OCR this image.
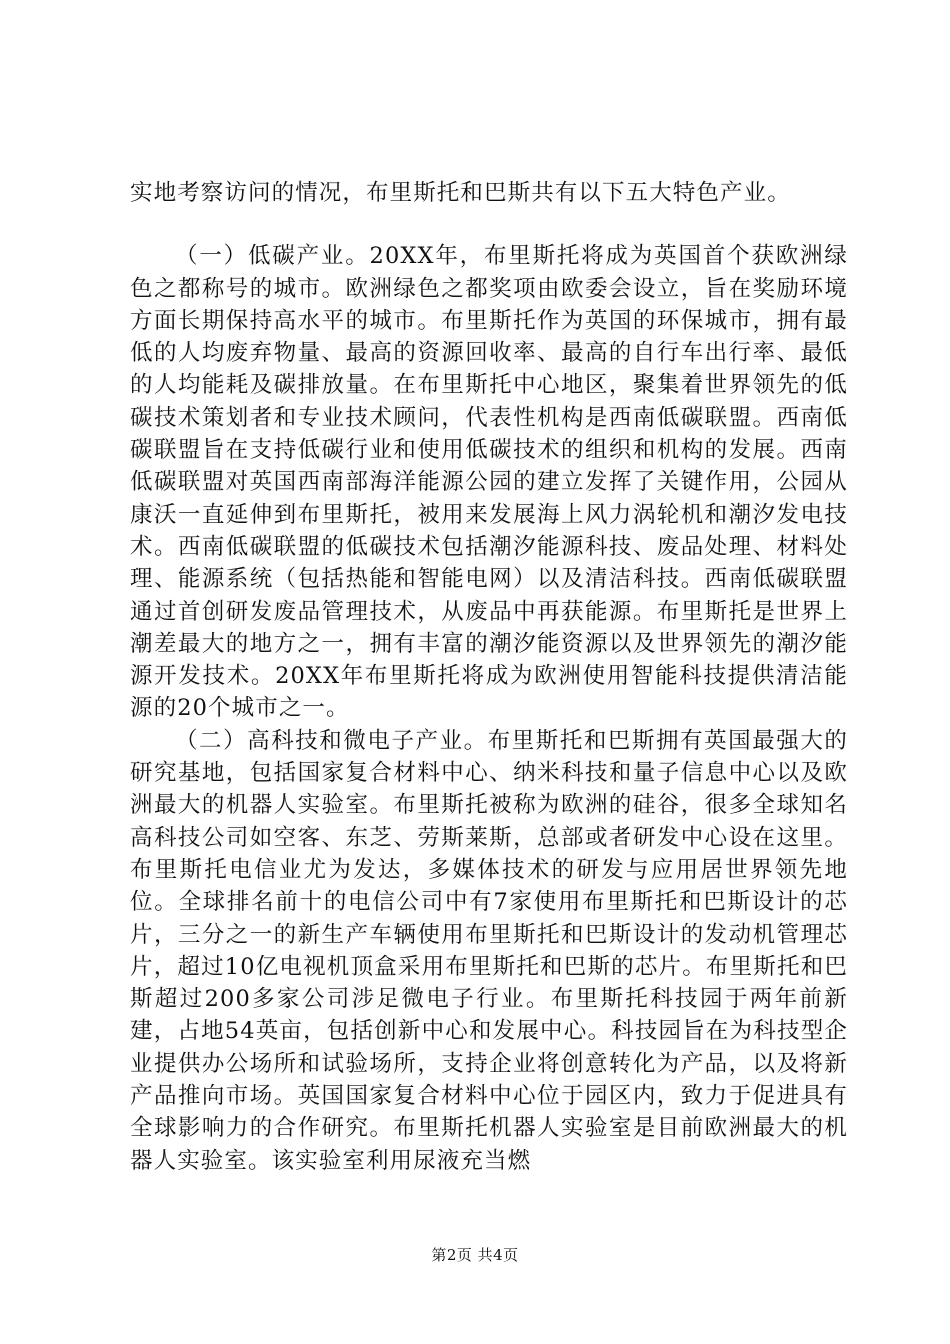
实地考察访问的情况，布里斯托和巴斯共有以下五大特色产业。

（一）低碳产业。20XX年，布里斯托将成为英国首个获欧洲绿色之都称号的城市。欧洲绿色之都奖项由欧委会设立，旨在奖励环境方面长期保持高水平的城市。布里斯托作为英国的环保城市，拥有最低的人均废弃物量、最高的资源回收率、最高的自行车出行率、最低的人均能耗及碳排放量。在布里斯托中心地区，聚集着世界领先的低碳技术策划者和专业技术顾问，代表性机构是西南低碳联盟。西南低碳联盟旨在支持低碳行业和使用低碳技术的组织和机构的发展。西南低碳联盟对英国西南部海洋能源公园的建立发挥了关键作用，公园从康沃一直延伸到布里斯托，被用来发展海上风力涡轮机和潮汐发电技术。西南低碳联盟的低碳技术包括潮汐能源科技、废品处理、材料处理、能源系统（包括热能和智能电网）以及清洁科技。西南低碳联盟通过首创研发废品管理技术，从废品中再获能源。布里斯托是世界上潮差最大的地方之一，拥有丰富的潮汐能资源以及世界领先的潮汐能源开发技术。20XX年布里斯托将成为欧洲使用智能科技提供清洁能源的20个城市之一。

（二）高科技和微电子产业。布里斯托和巴斯拥有英国最强大的研究基地，包括国家复合材料中心、纳米科技和量子信息中心以及欧洲最大的机器人实验室。布里斯托被称为欧洲的硅谷，很多全球知名高科技公司如空客、东芝、劳斯莱斯，总部或者研发中心设在这里。布里斯托电信业尤为发达，多媒体技术的研发与应用居世界领先地位。全球排名前十的电信公司中有7家使用布里斯托和巴斯设计的芯片，三分之一的新生产车辆使用布里斯托和巴斯设计的发动机管理芯片，超过10亿电视机顶盒采用布里斯托和巴斯的芯片。布里斯托和巴斯超过200多家公司涉足微电子行业。布里斯托科技园于两年前新建，占地54英亩，包括创新中心和发展中心。科技园旨在为科技型企业提供办公场所和试验场所，支持企业将创意转化为产品，以及将新产品推向市场。英国国家复合材料中心位于园区内，致力于促进具有全球影响力的合作研究。布里斯托机器人实验室是目前欧洲最大的机器人实验室。该实验室利用尿液充当燃

第2页 共4页
